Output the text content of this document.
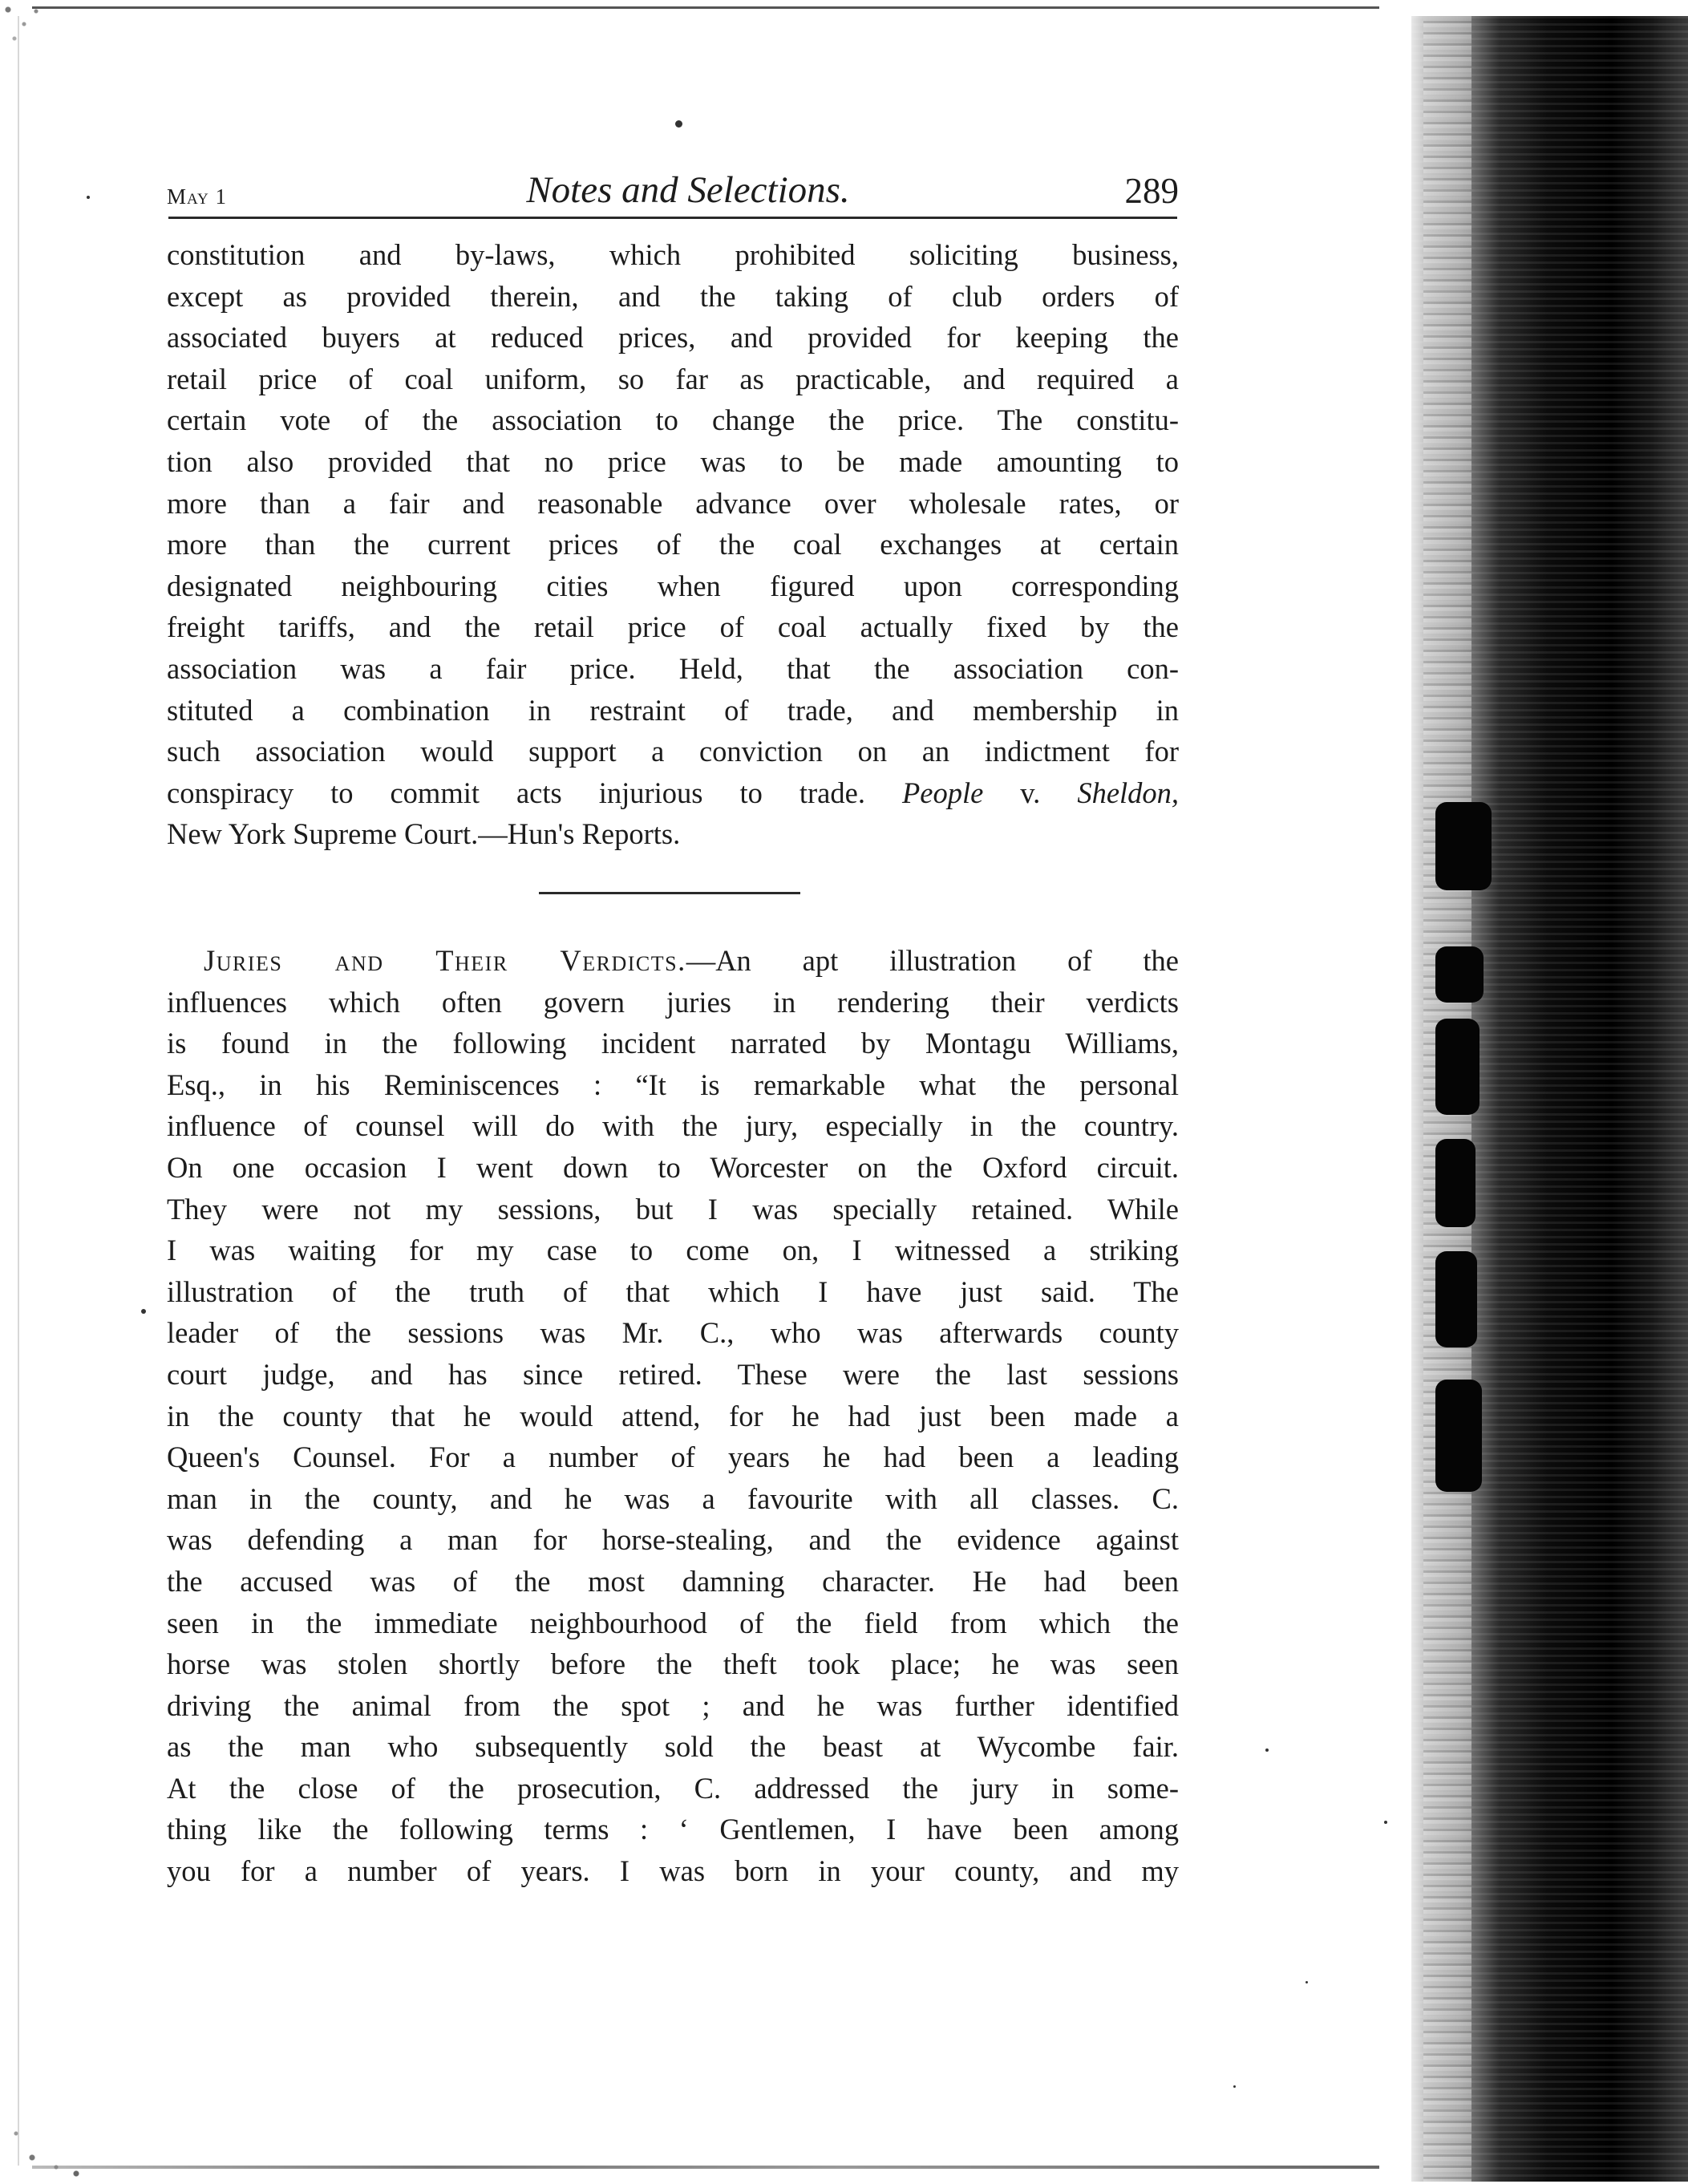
May 1	Notes and Selections.	289
constitution and by-laws, which prohibited soliciting business,
except as provided therein, and the taking of club orders of
associated buyers at reduced prices, and provided for keeping the
retail price of coal uniform, so far as practicable, and required a
certain vote of the association to change the price. The constitu-
tion also provided that no price was to be made amounting to
more than a fair and reasonable advance over wholesale rates, or
more than the current prices of the coal exchanges at certain
designated neighbouring cities when figured upon corresponding
freight tariffs, and the retail price of coal actually fixed by the
association was a fair price. Held, that the association con-
stituted a combination in restraint of trade, and membership in
such association would support a conviction on an indictment for
conspiracy to commit acts injurious to trade. People v. Sheldon,
New York Supreme Court.—Hun's Reports.
Juries and Their Verdicts.—An apt illustration of the
influences which often govern juries in rendering their verdicts
is found in the following incident narrated by Montagu Williams,
Esq., in his Reminiscences : “It is remarkable what the personal
influence of counsel will do with the jury, especially in the country.
On one occasion I went down to Worcester on the Oxford circuit.
They were not my sessions, but I was specially retained. While
I was waiting for my case to come on, I witnessed a striking
illustration of the truth of that which I have just said. The
leader of the sessions was Mr. C., who was afterwards county
court judge, and has since retired. These were the last sessions
in the county that he would attend, for he had just been made a
Queen's Counsel. For a number of years he had been a leading
man in the county, and he was a favourite with all classes. C.
was defending a man for horse-stealing, and the evidence against
the accused was of the most damning character. He had been
seen in the immediate neighbourhood of the field from which the
horse was stolen shortly before the theft took place; he was seen
driving the animal from the spot ; and he was further identified
as the man who subsequently sold the beast at Wycombe fair.
At the close of the prosecution, C. addressed the jury in some-
thing like the following terms : ‘ Gentlemen, I have been among
you for a number of years. I was born in your county, and my
